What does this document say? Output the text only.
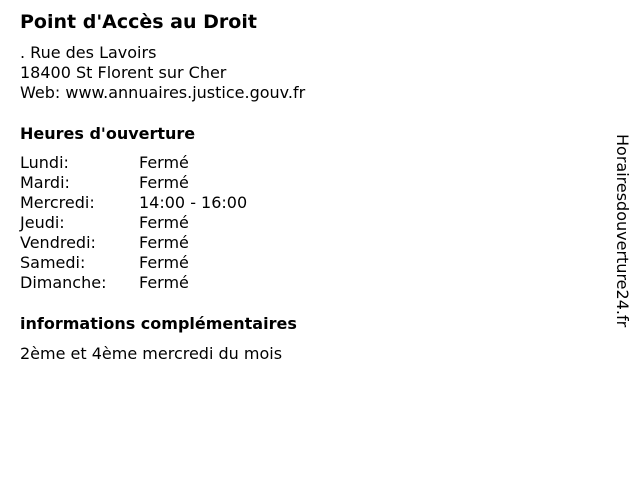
Point d'Accès au Droit
. Rue des Lavoirs
18400 St Florent sur Cher
Web: www.annuaires.justice.gouv.fr
Heures d'ouverture
Lundi:	Fermé
Mardi:	Fermé
Mercredi:	14:00 - 16:00
Jeudi:	Fermé
Vendredi:	Fermé
Samedi:	Fermé
Dimanche:	Fermé
informations complémentaires
2ème et 4ème mercredi du mois
Horairesdouverture24.fr
